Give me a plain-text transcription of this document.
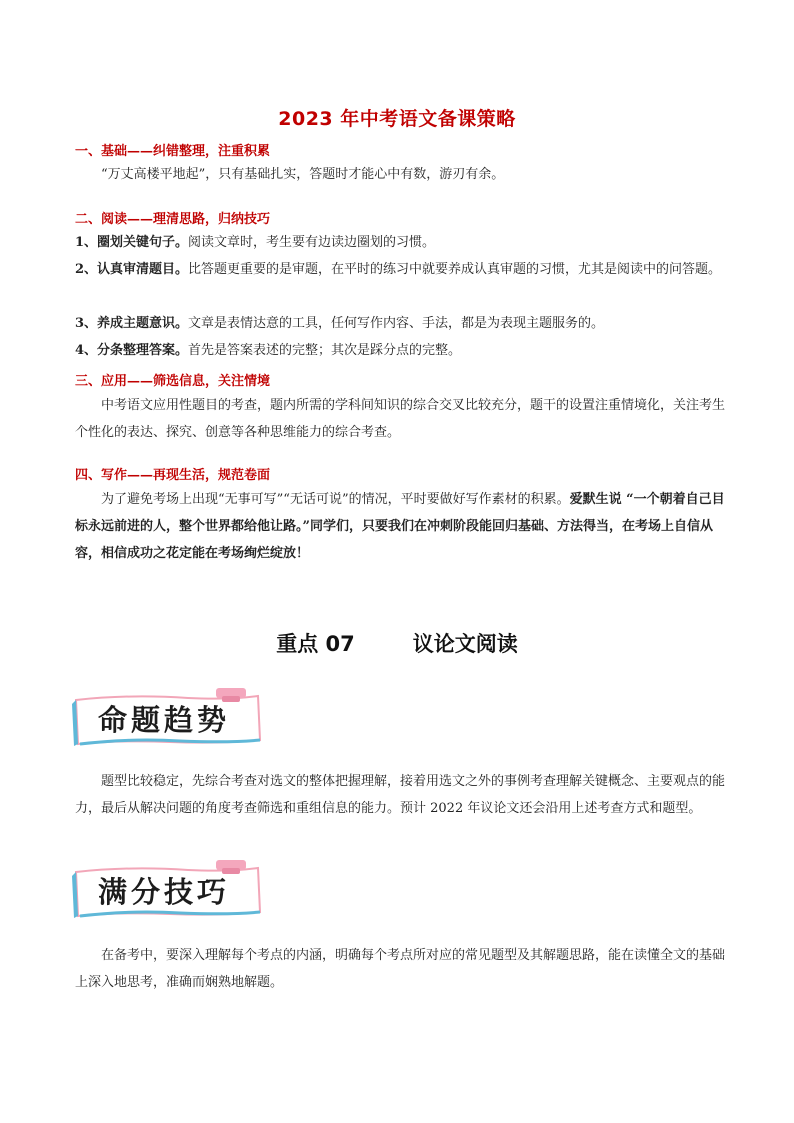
2023 年中考语文备课策略
一、基础——纠错整理，注重积累
“万丈高楼平地起”，只有基础扎实，答题时才能心中有数，游刃有余。
二、阅读——理清思路，归纳技巧
1、圈划关键句子。阅读文章时，考生要有边读边圈划的习惯。
2、认真审清题目。比答题更重要的是审题，在平时的练习中就要养成认真审题的习惯，尤其是阅读中的问答题。
3、养成主题意识。文章是表情达意的工具，任何写作内容、手法，都是为表现主题服务的。
4、分条整理答案。首先是答案表述的完整；其次是踩分点的完整。
三、应用——筛选信息，关注情境
中考语文应用性题目的考查，题内所需的学科间知识的综合交叉比较充分，题干的设置注重情境化，关注考生个性化的表达、探究、创意等各种思维能力的综合考查。
四、写作——再现生活，规范卷面
为了避免考场上出现“无事可写”“无话可说”的情况，平时要做好写作素材的积累。爱默生说 “一个朝着自己目标永远前进的人，整个世界都给他让路。”同学们，只要我们在冲刺阶段能回归基础、方法得当，在考场上自信从容，相信成功之花定能在考场绚烂绽放！
重点 07	议论文阅读
命题趋势
题型比较稳定，先综合考查对选文的整体把握理解，接着用选文之外的事例考查理解关键概念、主要观点的能力，最后从解决问题的角度考查筛选和重组信息的能力。预计 2022 年议论文还会沿用上述考查方式和题型。
满分技巧
在备考中，要深入理解每个考点的内涵，明确每个考点所对应的常见题型及其解题思路，能在读懂全文的基础上深入地思考，准确而娴熟地解题。
